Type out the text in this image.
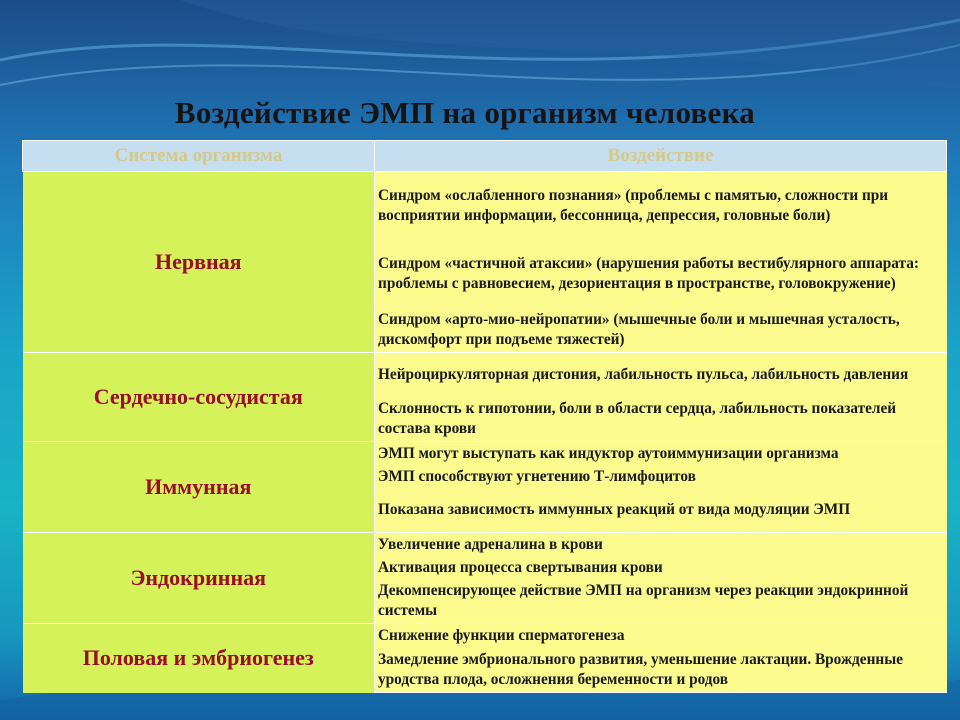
Воздействие ЭМП на организм человека
Система организма	Воздействие
Нервная	Синдром «ослабленного познания» (проблемы с памятью, сложности при восприятии информации, бессонница, депрессия, головные боли)
	Синдром «частичной атаксии» (нарушения работы вестибулярного аппарата: проблемы с равновесием, дезориентация в пространстве, головокружение)
	Синдром «арто-мио-нейропатии» (мышечные боли и мышечная усталость, дискомфорт при подъеме тяжестей)
Сердечно-сосудистая	Нейроциркуляторная дистония, лабильность пульса, лабильность давления
	Склонность к гипотонии, боли в области сердца, лабильность показателей состава крови
Иммунная	ЭМП могут выступать как индуктор аутоиммунизации организма
	ЭМП способствуют угнетению Т-лимфоцитов
	Показана зависимость иммунных реакций от вида модуляции ЭМП
Эндокринная	Увеличение адреналина в крови
	Активация процесса свертывания крови
	Декомпенсирующее действие ЭМП на организм через реакции эндокринной системы
Половая и эмбриогенез	Снижение функции сперматогенеза
	Замедление эмбрионального развития, уменьшение лактации. Врожденные уродства плода, осложнения беременности и родов
